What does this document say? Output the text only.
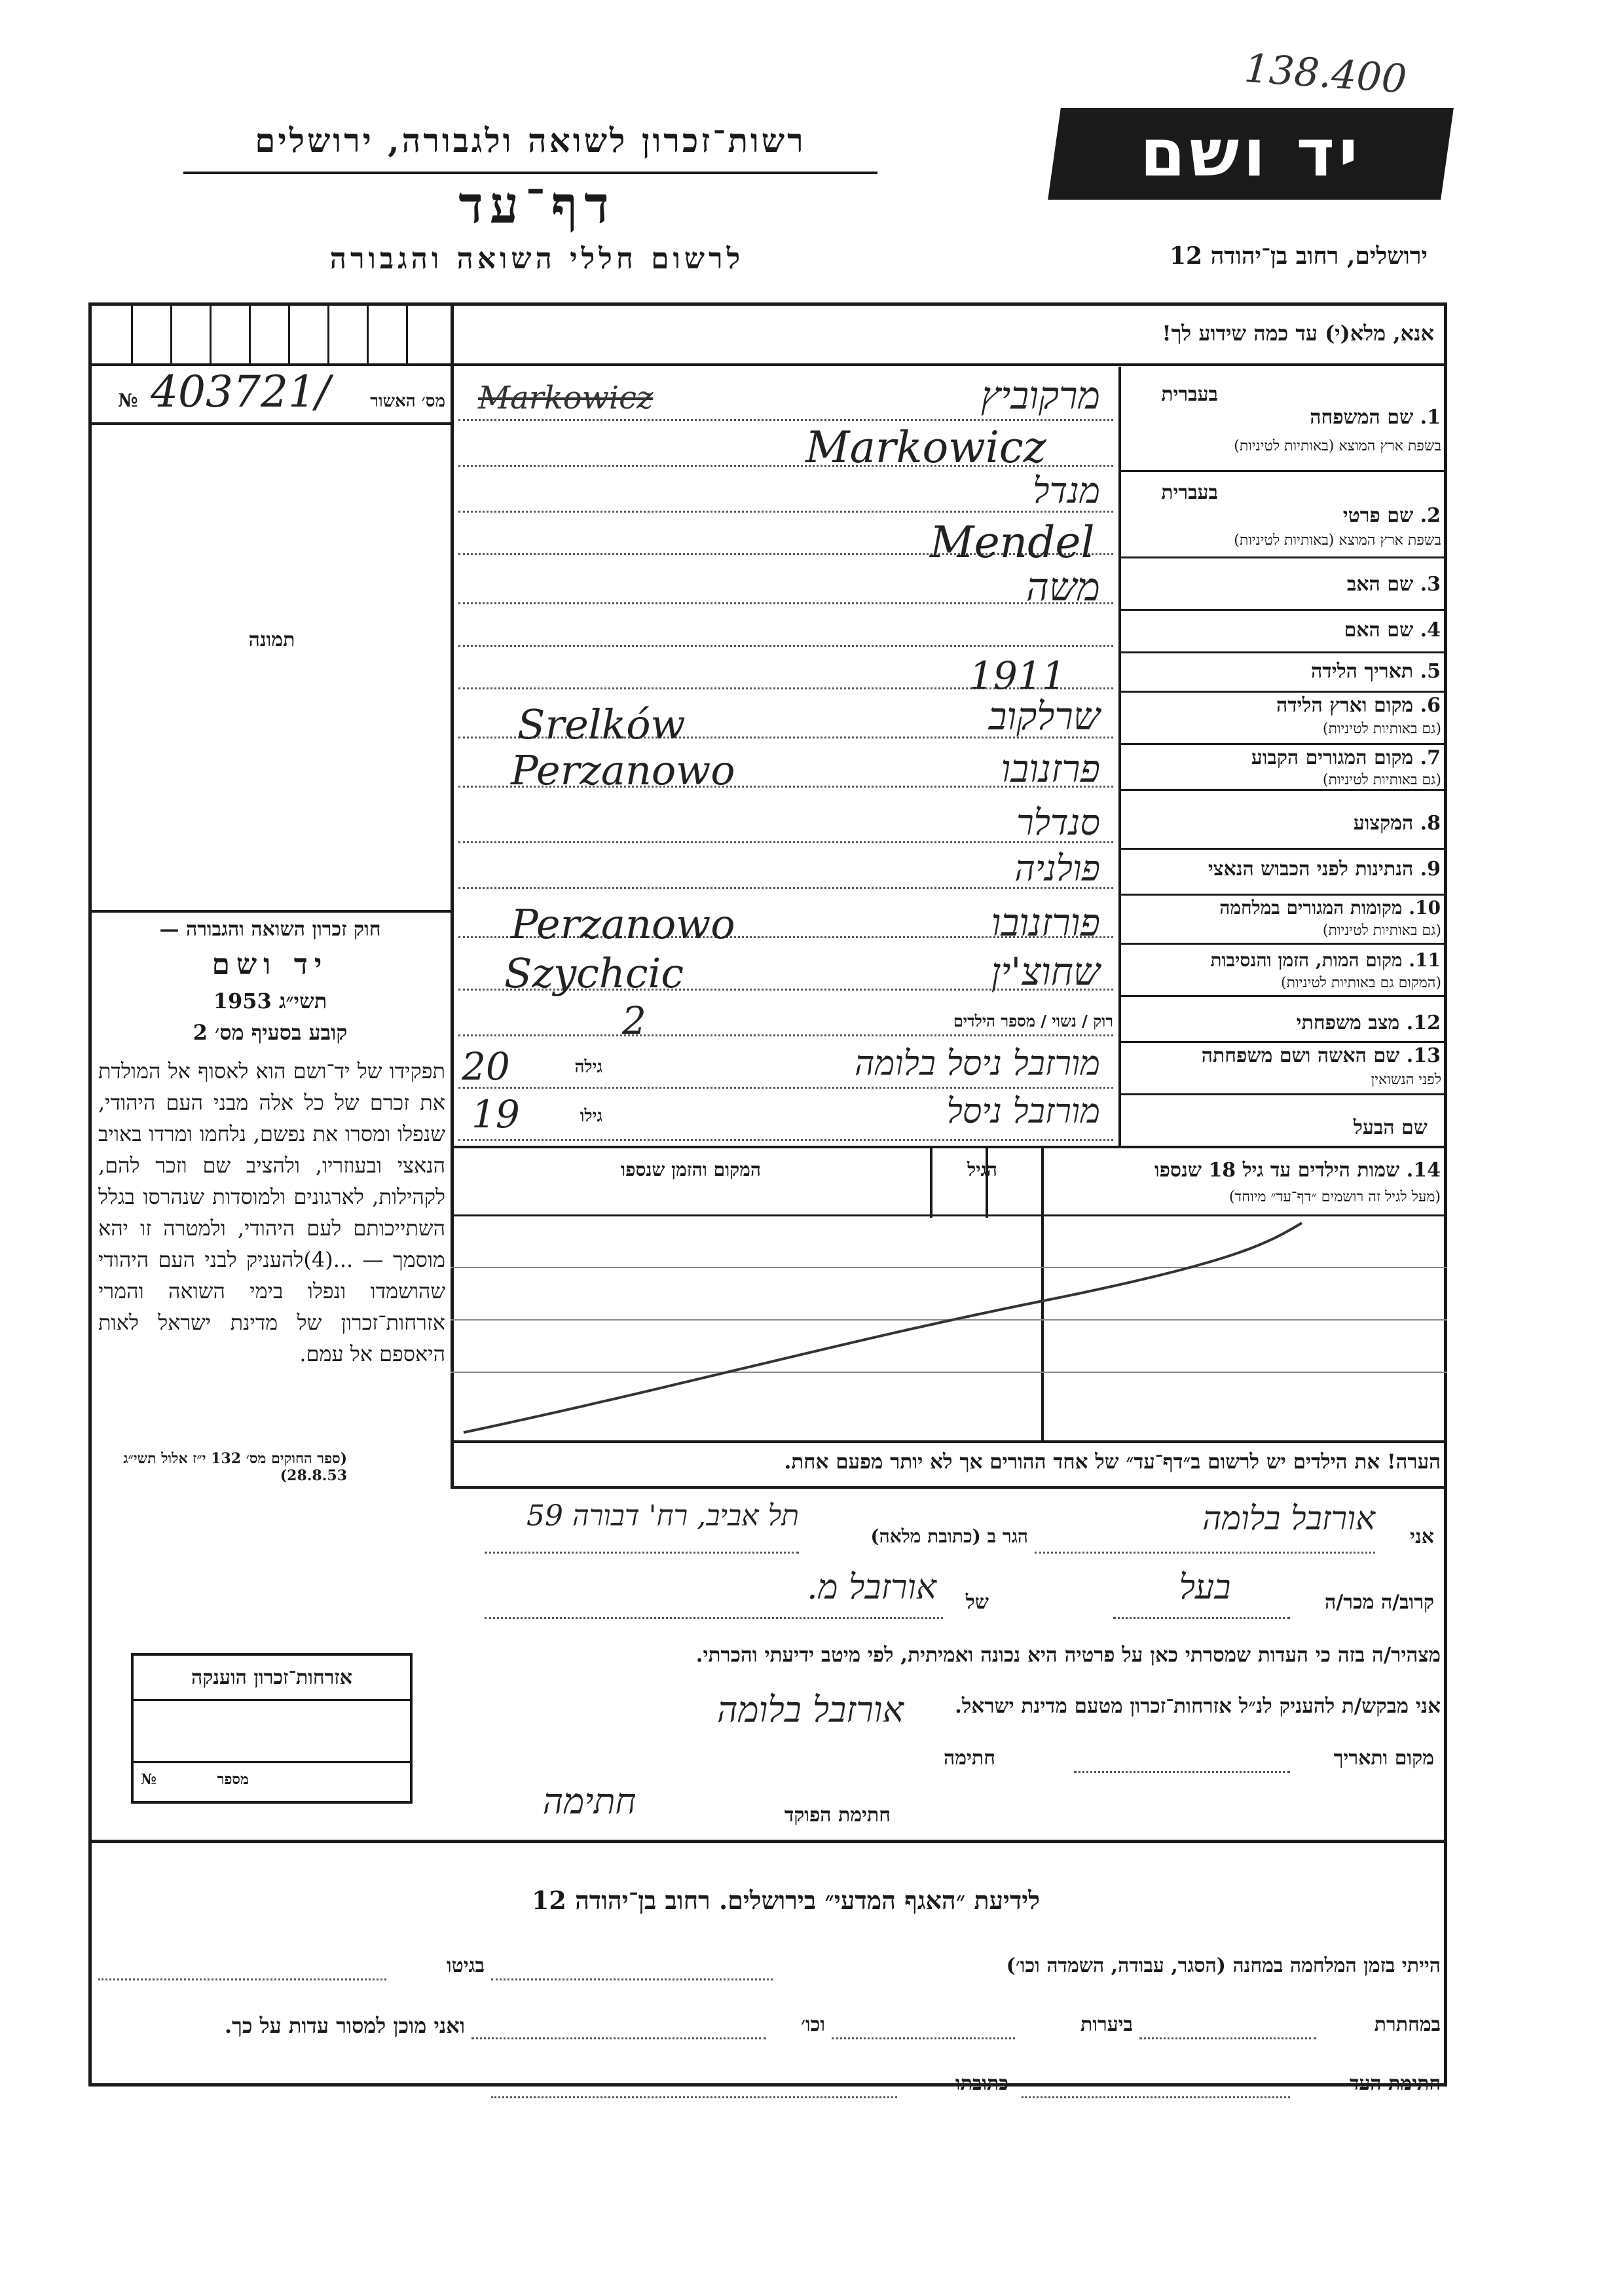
138.400
רשות־זכרון לשואה ולגבורה, ירושלים
דף־עד
לרשום חללי השואה והגבורה
יד ושם
ירושלים, רחוב בן־יהודה 12
אנא, מלא(י) עד כמה שידוע לך!
№ 403721/	מס׳ האשור
תמונה
חוק זכרון השואה והגבורה —
יד ושם
תשי״ג 1953
קובע בסעיף מס׳ 2
תפקידו של יד־ושם הוא לאסוף אל המולדת את זכרם של כל אלה מבני העם היהודי, שנפלו ומסרו את נפשם, נלחמו ומרדו באויב הנאצי ובעוזריו, ולהציב שם וזכר להם, לקהילות, לארגונים ולמוסדות שנהרסו בגלל השתייכותם לעם היהודי, ולמטרה זו יהא מוסמך — ...(4)להעניק לבני העם היהודי שהושמדו ונפלו בימי השואה והמרי אזרחות־זכרון של מדינת ישראל לאות היאספם אל עמם.
(ספר החוקים מס׳ 132 י״ז אלול תשי״ג 28.8.53)
בעברית
1. שם המשפחה
בשפת ארץ המוצא (באותיות לטיניות)
מרקוביץ
Markowicz
Markowicz
בעברית
2. שם פרטי
בשפת ארץ המוצא (באותיות לטיניות)
מנדל
Mendel
3. שם האב
משה
4. שם האם
5. תאריך הלידה
1911
6. מקום וארץ הלידה
(גם באותיות לטיניות)
Srelków	שרלקוב
7. מקום המגורים הקבוע
(גם באותיות לטיניות)
Perzanowo	פרזנובו
8. המקצוע
סנדלר
9. הנתינות לפני הכבוש הנאצי
פולניה
10. מקומות המגורים במלחמה
(גם באותיות לטיניות)
Perzanowo	פורזנובו
11. מקום המות, הזמן והנסיבות
(המקום גם באותיות לטיניות)
Szychcic	שחוצ'ין
12. מצב משפחתי
רוק / נשוי / מספר הילדים
2
13. שם האשה ושם משפחתה
לפני הנשואין
20	גילה	מורזבל ניסל בלומה
שם הבעל
19	גילו	מורזבל ניסל
14. שמות הילדים עד גיל 18 שנספו
(מעל לגיל זה רושמים ״דף־עד״ מיוחד)
הגיל
המקום והזמן שנספו
הערה! את הילדים יש לרשום ב״דף־עד״ של אחד ההורים אך לא יותר מפעם אחת.
אני
אורזבל בלומה
הגר ב (כתובת מלאה)
תל אביב, רח' דבורה 59
קרוב/ה מכר/ה
בעל
של
אורזבל מ.
מצהיר/ה בזה כי העדות שמסרתי כאן על פרטיה היא נכונה ואמיתית, לפי מיטב ידיעתי והכרתי.
אני מבקש/ת להעניק לנ״ל אזרחות־זכרון מטעם מדינת ישראל.
מקום ותאריך
חתימה
אורזבל בלומה
חתימת הפוקד
חתימה
אזרחות־זכרון הוענקה
מספר
№
לידיעת ״האגף המדעי״ בירושלים. רחוב בן־יהודה 12
הייתי בזמן המלחמה במחנה (הסגר, עבודה, השמדה וכו׳)
בגיטו
במחתרת
ביערות
וכו׳
ואני מוכן למסור עדות על כך.
חתימת העד
כתובתו
